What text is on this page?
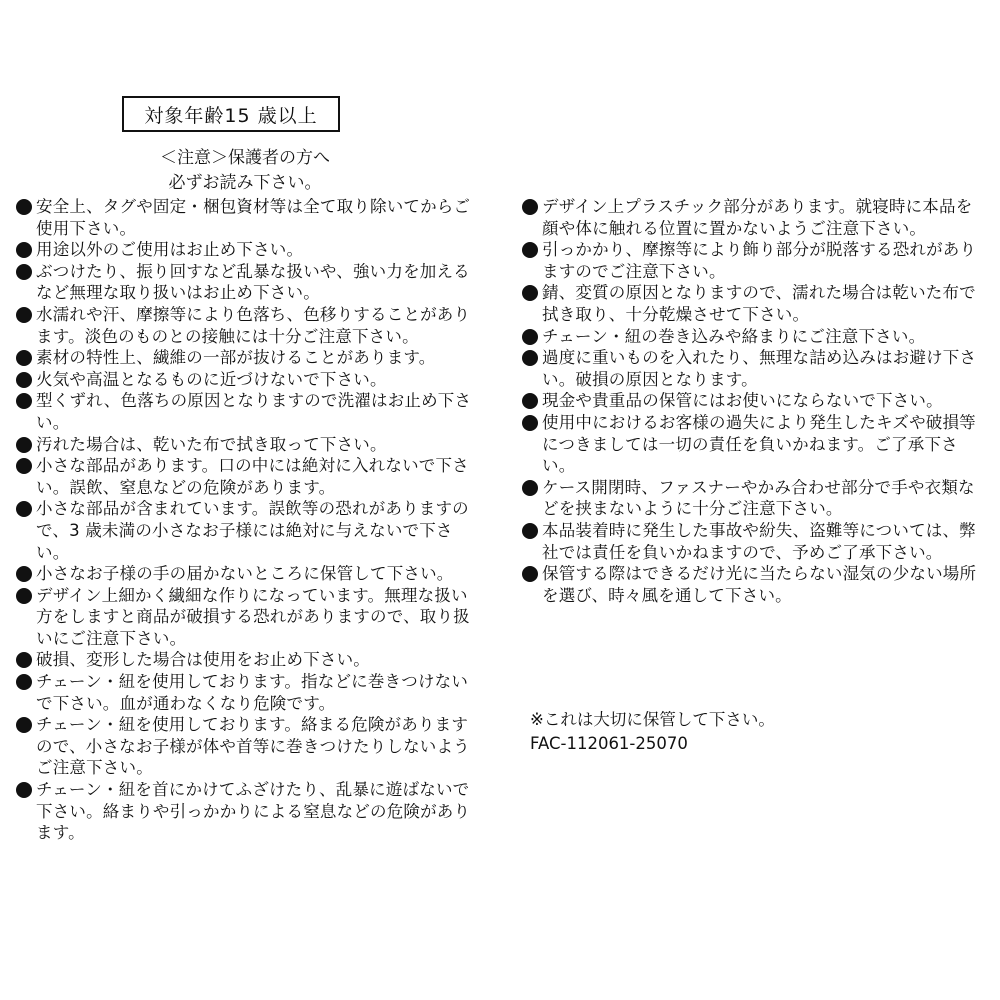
対象年齢15 歳以上
＜注意＞保護者の方へ
必ずお読み下さい。
安全上、タグや固定・梱包資材等は全て取り除いてからご使用下さい。
用途以外のご使用はお止め下さい。
ぶつけたり、振り回すなど乱暴な扱いや、強い力を加えるなど無理な取り扱いはお止め下さい。
水濡れや汗、摩擦等により色落ち、色移りすることがあります。淡色のものとの接触には十分ご注意下さい。
素材の特性上、繊維の一部が抜けることがあります。
火気や高温となるものに近づけないで下さい。
型くずれ、色落ちの原因となりますので洗濯はお止め下さい。
汚れた場合は、乾いた布で拭き取って下さい。
小さな部品があります。口の中には絶対に入れないで下さい。誤飲、窒息などの危険があります。
小さな部品が含まれています。誤飲等の恐れがありますので、3 歳未満の小さなお子様には絶対に与えないで下さい。
小さなお子様の手の届かないところに保管して下さい。
デザイン上細かく繊細な作りになっています。無理な扱い方をしますと商品が破損する恐れがありますので、取り扱いにご注意下さい。
破損、変形した場合は使用をお止め下さい。
チェーン・紐を使用しております。指などに巻きつけないで下さい。血が通わなくなり危険です。
チェーン・紐を使用しております。絡まる危険がありますので、小さなお子様が体や首等に巻きつけたりしないようご注意下さい。
チェーン・紐を首にかけてふざけたり、乱暴に遊ばないで下さい。絡まりや引っかかりによる窒息などの危険があります。
デザイン上プラスチック部分があります。就寝時に本品を顔や体に触れる位置に置かないようご注意下さい。
引っかかり、摩擦等により飾り部分が脱落する恐れがありますのでご注意下さい。
錆、変質の原因となりますので、濡れた場合は乾いた布で拭き取り、十分乾燥させて下さい。
チェーン・紐の巻き込みや絡まりにご注意下さい。
過度に重いものを入れたり、無理な詰め込みはお避け下さい。破損の原因となります。
現金や貴重品の保管にはお使いにならないで下さい。
使用中におけるお客様の過失により発生したキズや破損等につきましては一切の責任を負いかねます。ご了承下さい。
ケース開閉時、ファスナーやかみ合わせ部分で手や衣類などを挟まないように十分ご注意下さい。
本品装着時に発生した事故や紛失、盗難等については、弊社では責任を負いかねますので、予めご了承下さい。
保管する際はできるだけ光に当たらない湿気の少ない場所を選び、時々風を通して下さい。
※これは大切に保管して下さい。
FAC-112061-25070
